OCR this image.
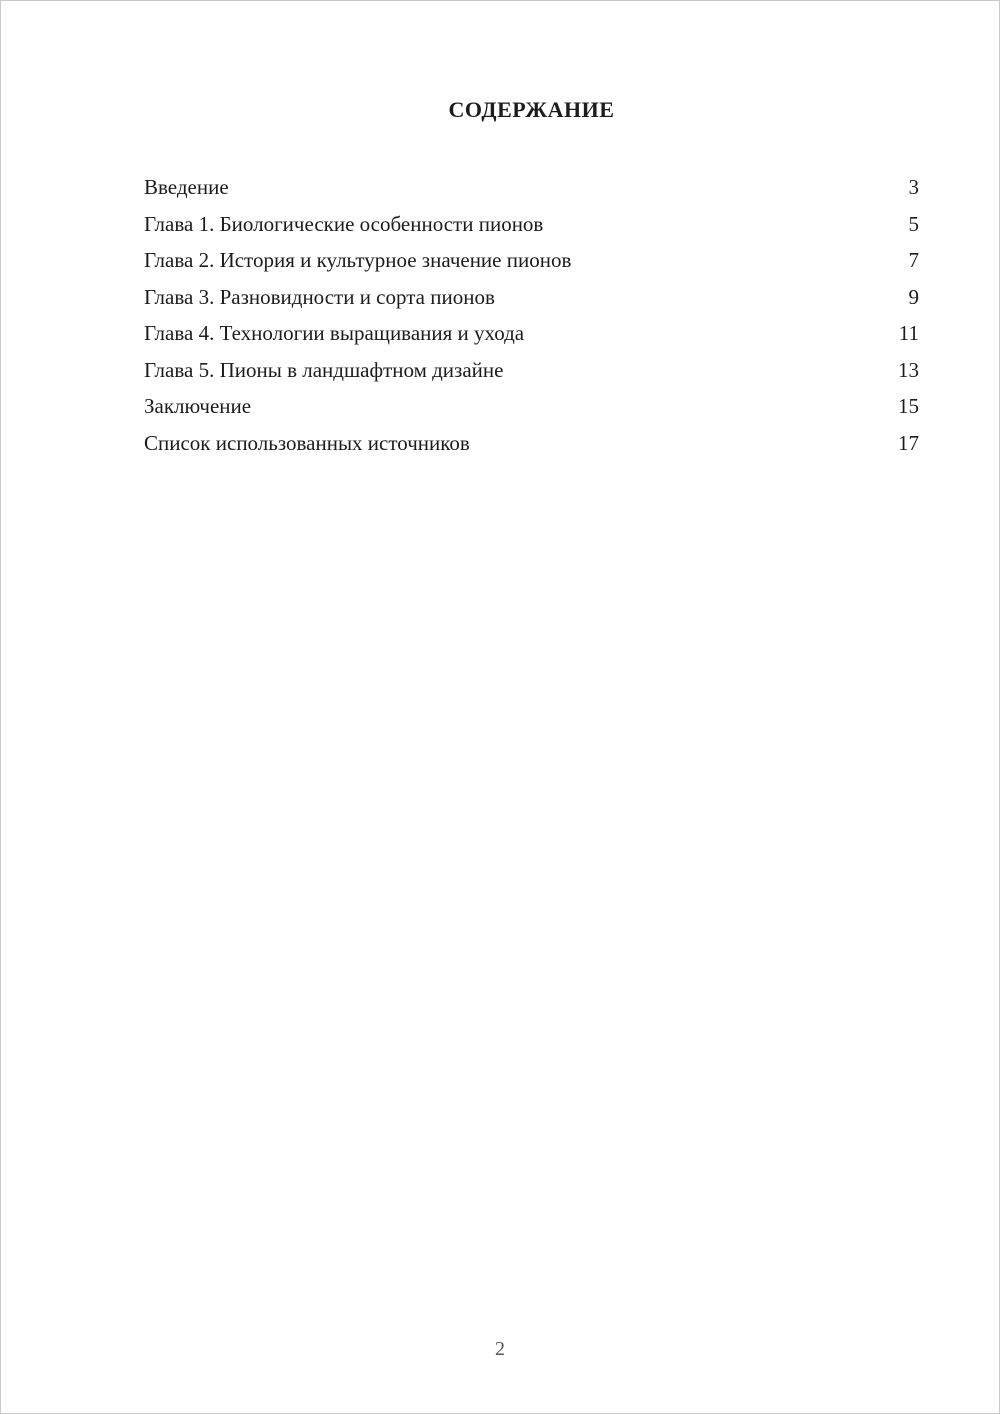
СОДЕРЖАНИЕ
Введение	3
Глава 1. Биологические особенности пионов	5
Глава 2. История и культурное значение пионов	7
Глава 3. Разновидности и сорта пионов	9
Глава 4. Технологии выращивания и ухода	11
Глава 5. Пионы в ландшафтном дизайне	13
Заключение	15
Список использованных источников	17
2
